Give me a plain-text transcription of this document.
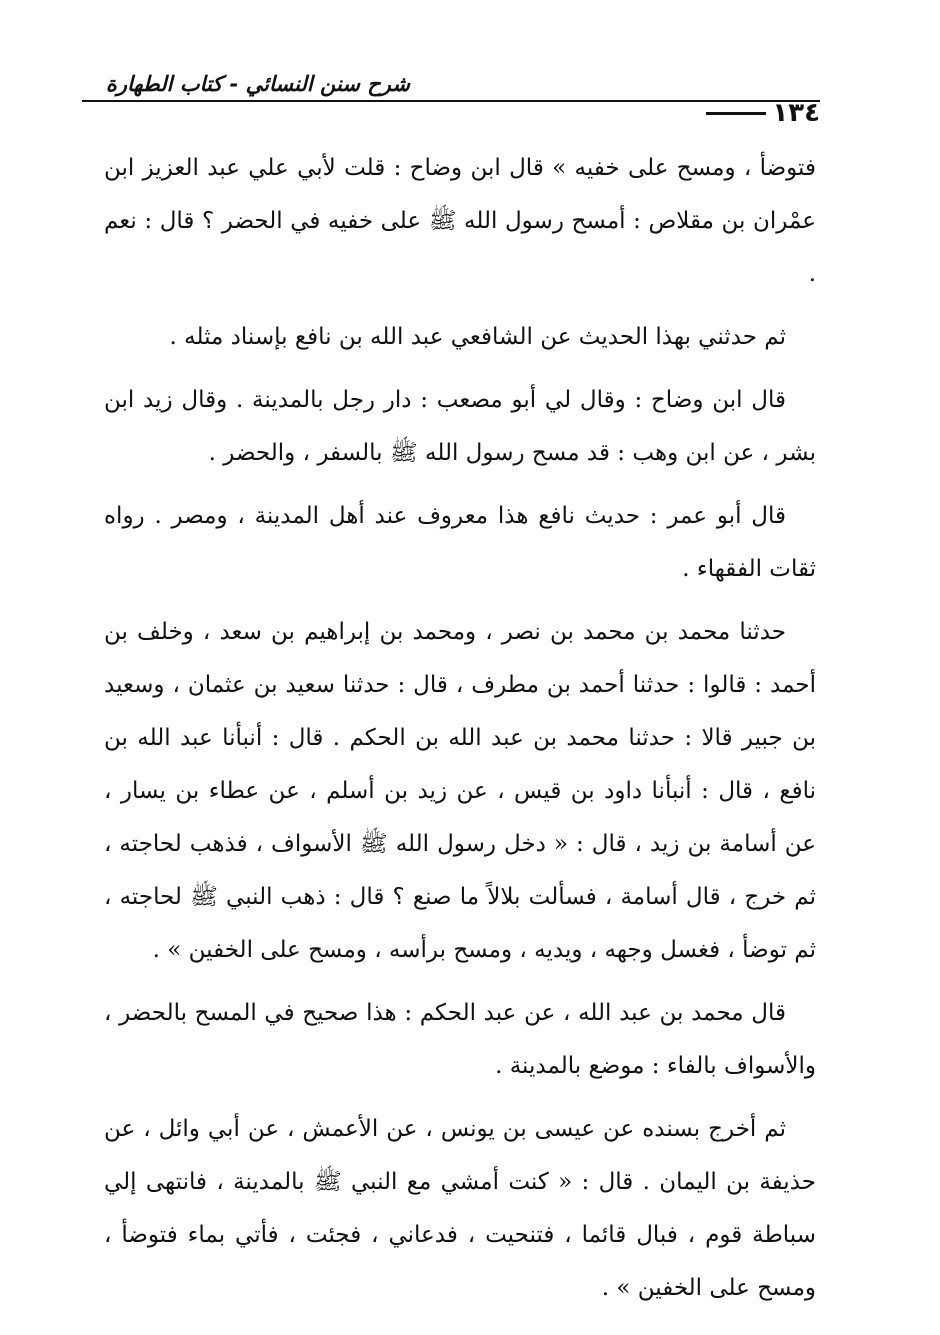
شرح سنن النسائي - كتاب الطهارة
١٣٤

فتوضأ ، ومسح على خفيه » قال ابن وضاح : قلت لأبي علي عبد العزيز ابن عمْران بن مقلاص : أمسح رسول الله ﷺ على خفيه في الحضر ؟ قال : نعم .

ثم حدثني بهذا الحديث عن الشافعي عبد الله بن نافع بإسناد مثله .

قال ابن وضاح : وقال لي أبو مصعب : دار رجل بالمدينة . وقال زيد ابن بشر ، عن ابن وهب : قد مسح رسول الله ﷺ بالسفر ، والحضر .

قال أبو عمر : حديث نافع هذا معروف عند أهل المدينة ، ومصر . رواه ثقات الفقهاء .

حدثنا محمد بن محمد بن نصر ، ومحمد بن إبراهيم بن سعد ، وخلف بن أحمد : قالوا : حدثنا أحمد بن مطرف ، قال : حدثنا سعيد بن عثمان ، وسعيد بن جبير قالا : حدثنا محمد بن عبد الله بن الحكم . قال : أنبأنا عبد الله بن نافع ، قال : أنبأنا داود بن قيس ، عن زيد بن أسلم ، عن عطاء بن يسار ، عن أسامة بن زيد ، قال : « دخل رسول الله ﷺ الأسواف ، فذهب لحاجته ، ثم خرج ، قال أسامة ، فسألت بلالاً ما صنع ؟ قال : ذهب النبي ﷺ لحاجته ، ثم توضأ ، فغسل وجهه ، ويديه ، ومسح برأسه ، ومسح على الخفين » .

قال محمد بن عبد الله ، عن عبد الحكم : هذا صحيح في المسح بالحضر ، والأسواف بالفاء : موضع بالمدينة .

ثم أخرج بسنده عن عيسى بن يونس ، عن الأعمش ، عن أبي وائل ، عن حذيفة بن اليمان . قال : « كنت أمشي مع النبي ﷺ بالمدينة ، فانتهى إلي سباطة قوم ، فبال قائما ، فتنحيت ، فدعاني ، فجئت ، فأتي بماء فتوضأ ، ومسح على الخفين » .
